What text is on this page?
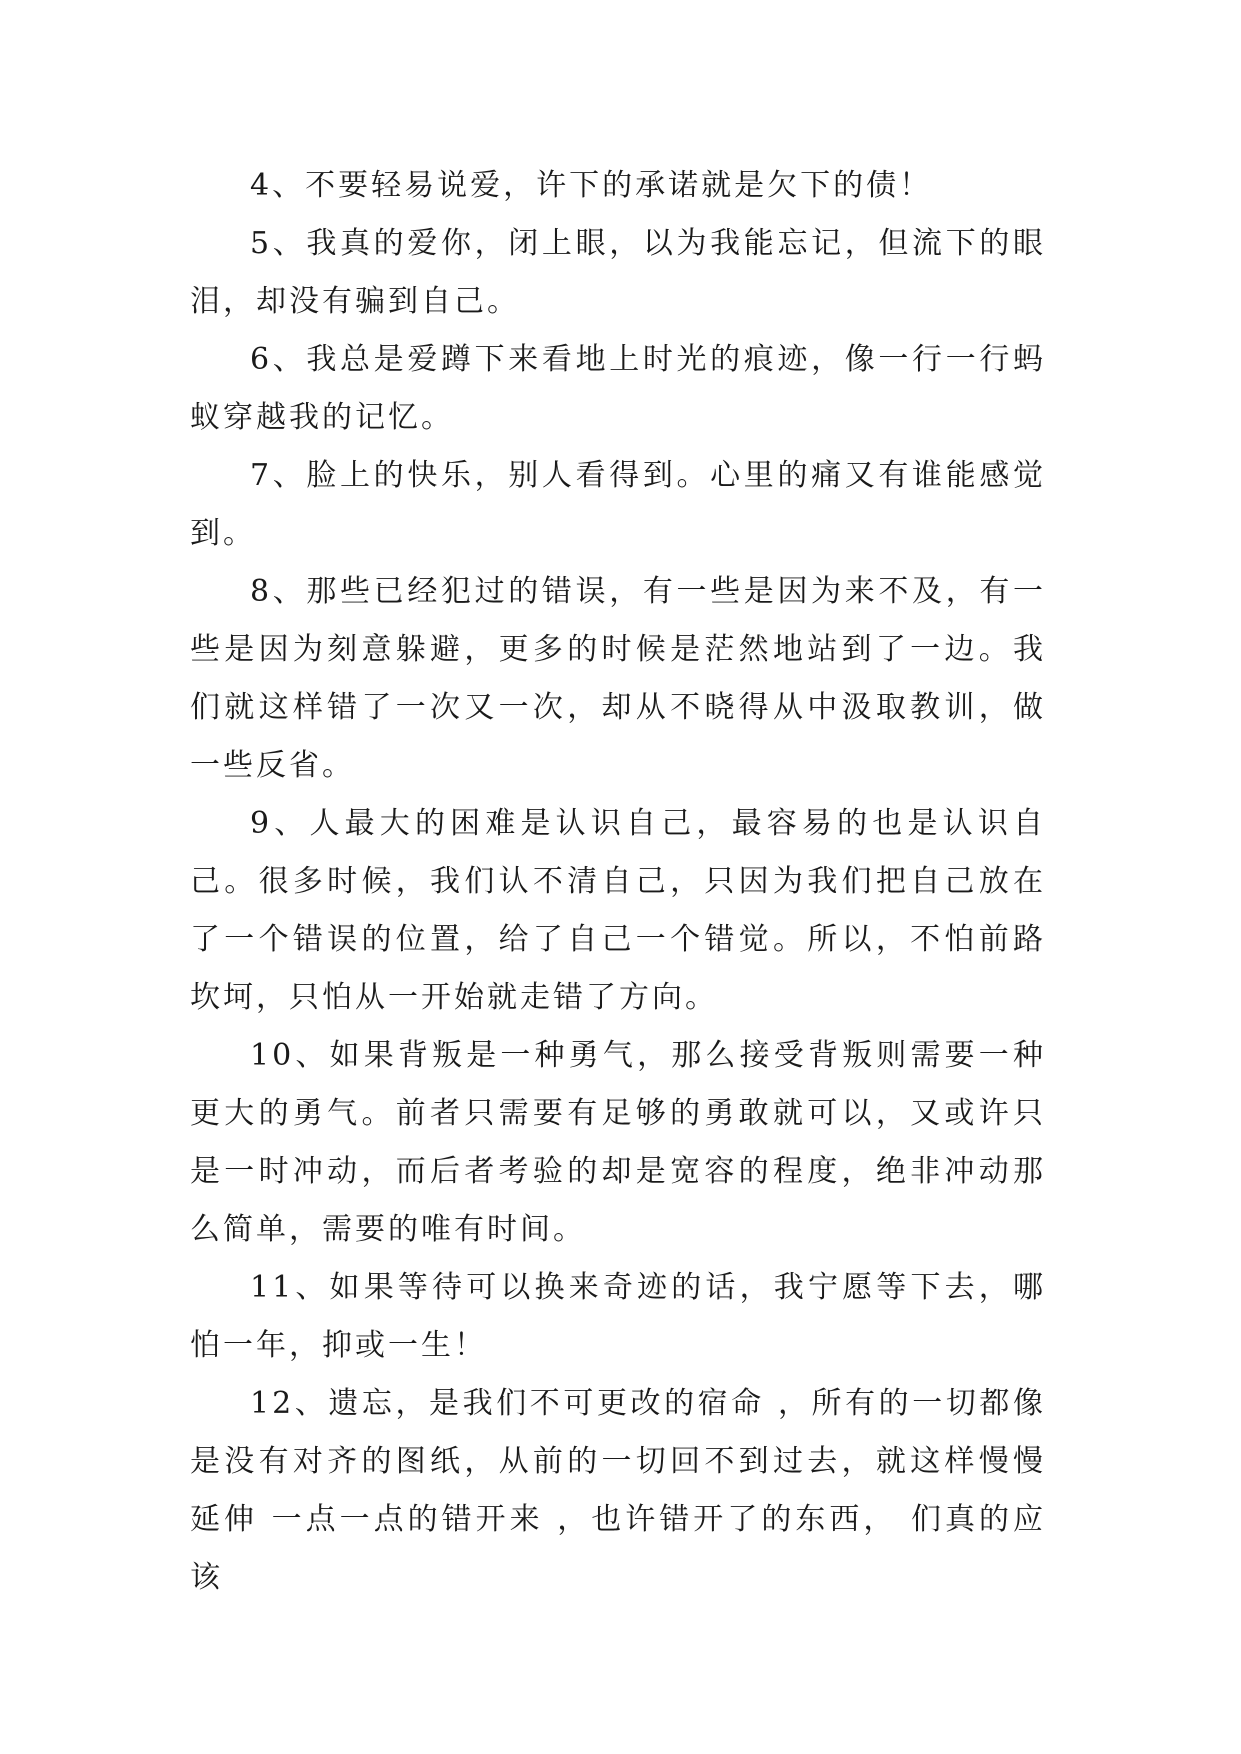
4、不要轻易说爱，许下的承诺就是欠下的债！

5、我真的爱你，闭上眼，以为我能忘记，但流下的眼泪，却没有骗到自己。

6、我总是爱蹲下来看地上时光的痕迹，像一行一行蚂蚁穿越我的记忆。

7、脸上的快乐，别人看得到。心里的痛又有谁能感觉到。

8、那些已经犯过的错误，有一些是因为来不及，有一些是因为刻意躲避，更多的时候是茫然地站到了一边。我们就这样错了一次又一次，却从不晓得从中汲取教训，做一些反省。

9、人最大的困难是认识自己，最容易的也是认识自己。很多时候，我们认不清自己，只因为我们把自己放在了一个错误的位置，给了自己一个错觉。所以，不怕前路坎坷，只怕从一开始就走错了方向。

10、如果背叛是一种勇气，那么接受背叛则需要一种更大的勇气。前者只需要有足够的勇敢就可以，又或许只是一时冲动，而后者考验的却是宽容的程度，绝非冲动那么简单，需要的唯有时间。

11、如果等待可以换来奇迹的话，我宁愿等下去，哪怕一年，抑或一生！

12、遗忘，是我们不可更改的宿命 ，所有的一切都像是没有对齐的图纸，从前的一切回不到过去，就这样慢慢延伸 一点一点的错开来 ，也许错开了的东西， 们真的应该
